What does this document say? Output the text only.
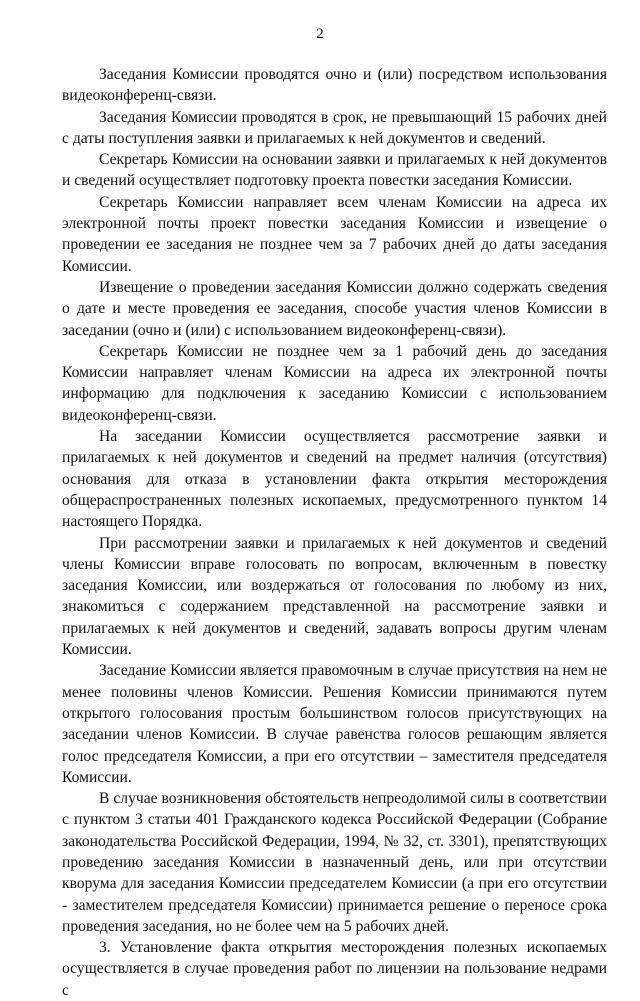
2

Заседания Комиссии проводятся очно и (или) посредством использования видеоконференц-связи.

Заседания Комиссии проводятся в срок, не превышающий 15 рабочих дней с даты поступления заявки и прилагаемых к ней документов и сведений.

Секретарь Комиссии на основании заявки и прилагаемых к ней документов и сведений осуществляет подготовку проекта повестки заседания Комиссии.

Секретарь Комиссии направляет всем членам Комиссии на адреса их электронной почты проект повестки заседания Комиссии и извещение о проведении ее заседания не позднее чем за 7 рабочих дней до даты заседания Комиссии.

Извещение о проведении заседания Комиссии должно содержать сведения о дате и месте проведения ее заседания, способе участия членов Комиссии в заседании (очно и (или) с использованием видеоконференц-связи).

Секретарь Комиссии не позднее чем за 1 рабочий день до заседания Комиссии направляет членам Комиссии на адреса их электронной почты информацию для подключения к заседанию Комиссии с использованием видеоконференц-связи.

На заседании Комиссии осуществляется рассмотрение заявки и прилагаемых к ней документов и сведений на предмет наличия (отсутствия) основания для отказа в установлении факта открытия месторождения общераспространенных полезных ископаемых, предусмотренного пунктом 14 настоящего Порядка.

При рассмотрении заявки и прилагаемых к ней документов и сведений члены Комиссии вправе голосовать по вопросам, включенным в повестку заседания Комиссии, или воздержаться от голосования по любому из них, знакомиться с содержанием представленной на рассмотрение заявки и прилагаемых к ней документов и сведений, задавать вопросы другим членам Комиссии.

Заседание Комиссии является правомочным в случае присутствия на нем не менее половины членов Комиссии. Решения Комиссии принимаются путем открытого голосования простым большинством голосов присутствующих на заседании членов Комиссии. В случае равенства голосов решающим является голос председателя Комиссии, а при его отсутствии – заместителя председателя Комиссии.

В случае возникновения обстоятельств непреодолимой силы в соответствии с пунктом 3 статьи 401 Гражданского кодекса Российской Федерации (Собрание законодательства Российской Федерации, 1994, № 32, ст. 3301), препятствующих проведению заседания Комиссии в назначенный день, или при отсутствии кворума для заседания Комиссии председателем Комиссии (а при его отсутствии - заместителем председателя Комиссии) принимается решение о переносе срока проведения заседания, но не более чем на 5 рабочих дней.

3. Установление факта открытия месторождения полезных ископаемых осуществляется в случае проведения работ по лицензии на пользование недрами с
